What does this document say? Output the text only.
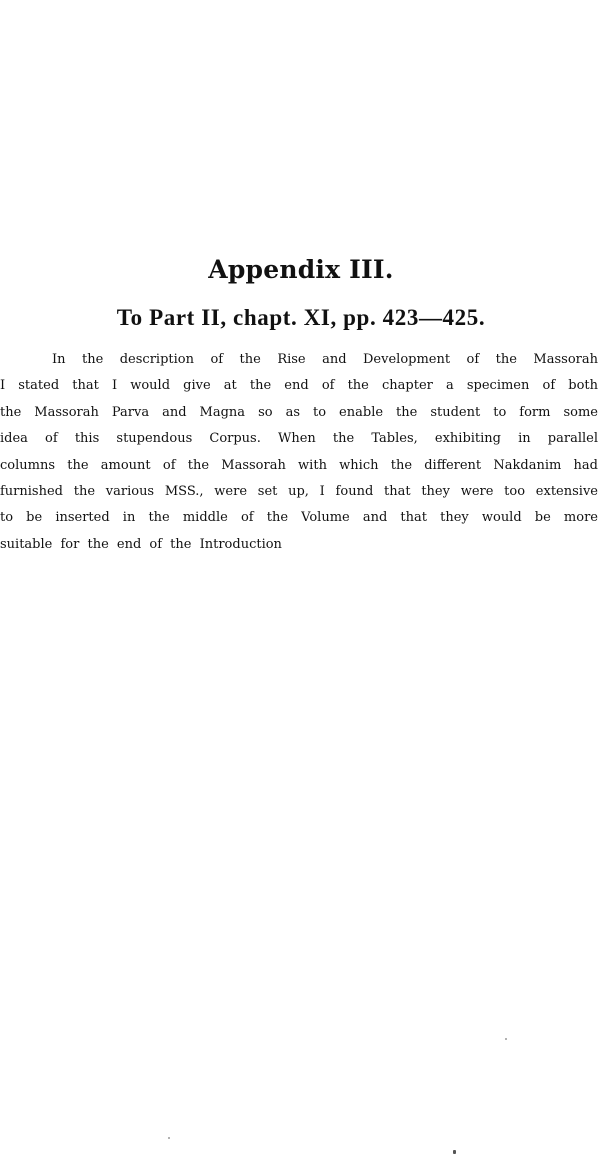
Appendix III.
To Part II, chapt. XI, pp. 423—425.
In the description of the Rise and Development of the Massorah
I stated that I would give at the end of the chapter a specimen of both
the Massorah Parva and Magna so as to enable the student to form some
idea of this stupendous Corpus. When the Tables, exhibiting in parallel
columns the amount of the Massorah with which the different Nakdanim had
furnished the various MSS., were set up, I found that they were too extensive
to be inserted in the middle of the Volume and that they would be more
suitable for the end of the Introduction
